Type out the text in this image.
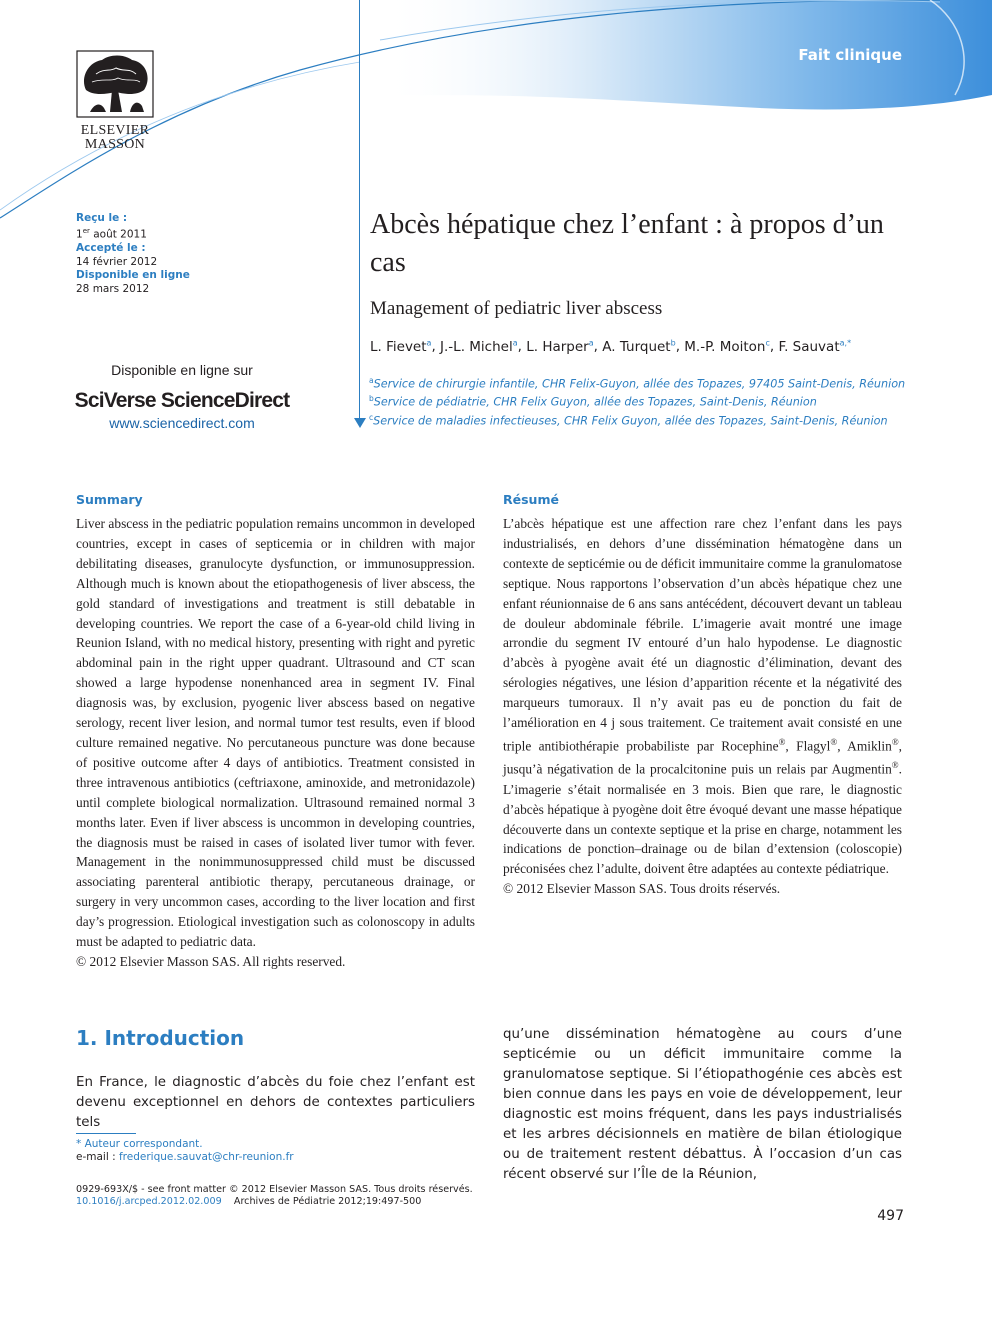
Fait clinique
ELSEVIER
MASSON
Reçu le :
1er août 2011
Accepté le :
14 février 2012
Disponible en ligne
28 mars 2012
Disponible en ligne sur
SciVerse ScienceDirect
www.sciencedirect.com
Abcès hépatique chez l’enfant : à propos d’un cas
Management of pediatric liver abscess
L. Fievet$^a$, J.-L. Michel$^a$, L. Harper$^a$, A. Turquet$^b$, M.-P. Moiton$^c$, F. Sauvat$^{a,*}$
$^a$Service de chirurgie infantile, CHR Felix-Guyon, allée des Topazes, 97405 Saint-Denis, Réunion
$^b$Service de pédiatrie, CHR Felix Guyon, allée des Topazes, Saint-Denis, Réunion
$^c$Service de maladies infectieuses, CHR Felix Guyon, allée des Topazes, Saint-Denis, Réunion
Summary
Liver abscess in the pediatric population remains uncommon in developed countries, except in cases of septicemia or in children with major debilitating diseases, granulocyte dysfunction, or immunosuppression. Although much is known about the etiopathogenesis of liver abscess, the gold standard of investigations and treatment is still debatable in developing countries. We report the case of a 6-year-old child living in Reunion Island, with no medical history, presenting with right and pyretic abdominal pain in the right upper quadrant. Ultrasound and CT scan showed a large hypodense nonenhanced area in segment IV. Final diagnosis was, by exclusion, pyogenic liver abscess based on negative serology, recent liver lesion, and normal tumor test results, even if blood culture remained negative. No percutaneous puncture was done because of positive outcome after 4 days of antibiotics. Treatment consisted in three intravenous antibiotics (ceftriaxone, aminoxide, and metronidazole) until complete biological normalization. Ultrasound remained normal 3 months later. Even if liver abscess is uncommon in developing countries, the diagnosis must be raised in cases of isolated liver tumor with fever. Management in the nonimmunosuppressed child must be discussed associating parenteral antibiotic therapy, percutaneous drainage, or surgery in very uncommon cases, according to the liver location and first day’s progression. Etiological investigation such as colonoscopy in adults must be adapted to pediatric data.
© 2012 Elsevier Masson SAS. All rights reserved.
Résumé
L’abcès hépatique est une affection rare chez l’enfant dans les pays industrialisés, en dehors d’une dissémination hématogène dans un contexte de septicémie ou de déficit immunitaire comme la granulomatose septique. Nous rapportons l’observation d’un abcès hépatique chez une enfant réunionnaise de 6 ans sans antécédent, découvert devant un tableau de douleur abdominale fébrile. L’imagerie avait montré une image arrondie du segment IV entouré d’un halo hypodense. Le diagnostic d’abcès à pyogène avait été un diagnostic d’élimination, devant des sérologies négatives, une lésion d’apparition récente et la négativité des marqueurs tumoraux. Il n’y avait pas eu de ponction du fait de l’amélioration en 4 j sous traitement. Ce traitement avait consisté en une triple antibiothérapie probabiliste par Rocephine®, Flagyl®, Amiklin®, jusqu’à négativation de la procalcitonine puis un relais par Augmentin®. L’imagerie s’était normalisée en 3 mois. Bien que rare, le diagnostic d’abcès hépatique à pyogène doit être évoqué devant une masse hépatique découverte dans un contexte septique et la prise en charge, notamment les indications de ponction–drainage ou de bilan d’extension (coloscopie) préconisées chez l’adulte, doivent être adaptées au contexte pédiatrique.
© 2012 Elsevier Masson SAS. Tous droits réservés.
1. Introduction
En France, le diagnostic d’abcès du foie chez l’enfant est devenu exceptionnel en dehors de contextes particuliers tels
qu’une dissémination hématogène au cours d’une septicémie ou un déficit immunitaire comme la granulomatose septique. Si l’étiopathogénie ces abcès est bien connue dans les pays en voie de développement, leur diagnostic est moins fréquent, dans les pays industrialisés et les arbres décisionnels en matière de bilan étiologique ou de traitement restent débattus. À l’occasion d’un cas récent observé sur l’Île de la Réunion,
* Auteur correspondant.
e-mail : frederique.sauvat@chr-reunion.fr
0929-693X/$ - see front matter © 2012 Elsevier Masson SAS. Tous droits réservés.
10.1016/j.arcped.2012.02.009 Archives de Pédiatrie 2012;19:497-500
497
